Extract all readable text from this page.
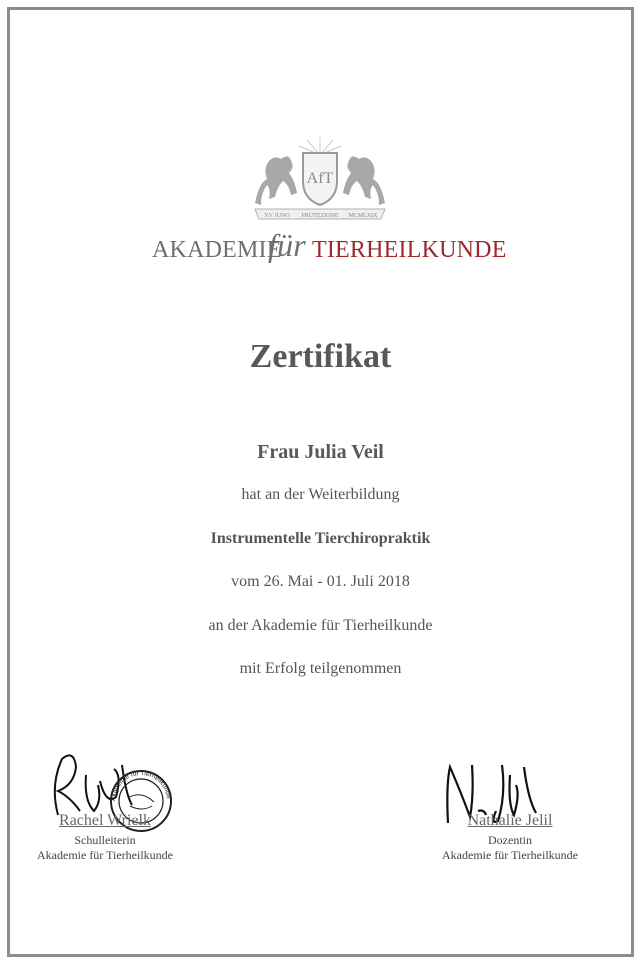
AfT
XV JUNO PRUTEZIONE MCMLXIX
AKADEMIE
für TIERHEILKUNDE
Zertifikat
Frau Julia Veil
hat an der Weiterbildung
Instrumentelle Tierchiropraktik
vom 26. Mai - 01. Juli 2018
an der Akademie für Tierheilkunde
mit Erfolg teilgenommen
Akademie für Tierheilkunde
Rachel Wrielk
Schulleiterin
Akademie für Tierheilkunde
Nathalie Jelil
Dozentin
Akademie für Tierheilkunde
